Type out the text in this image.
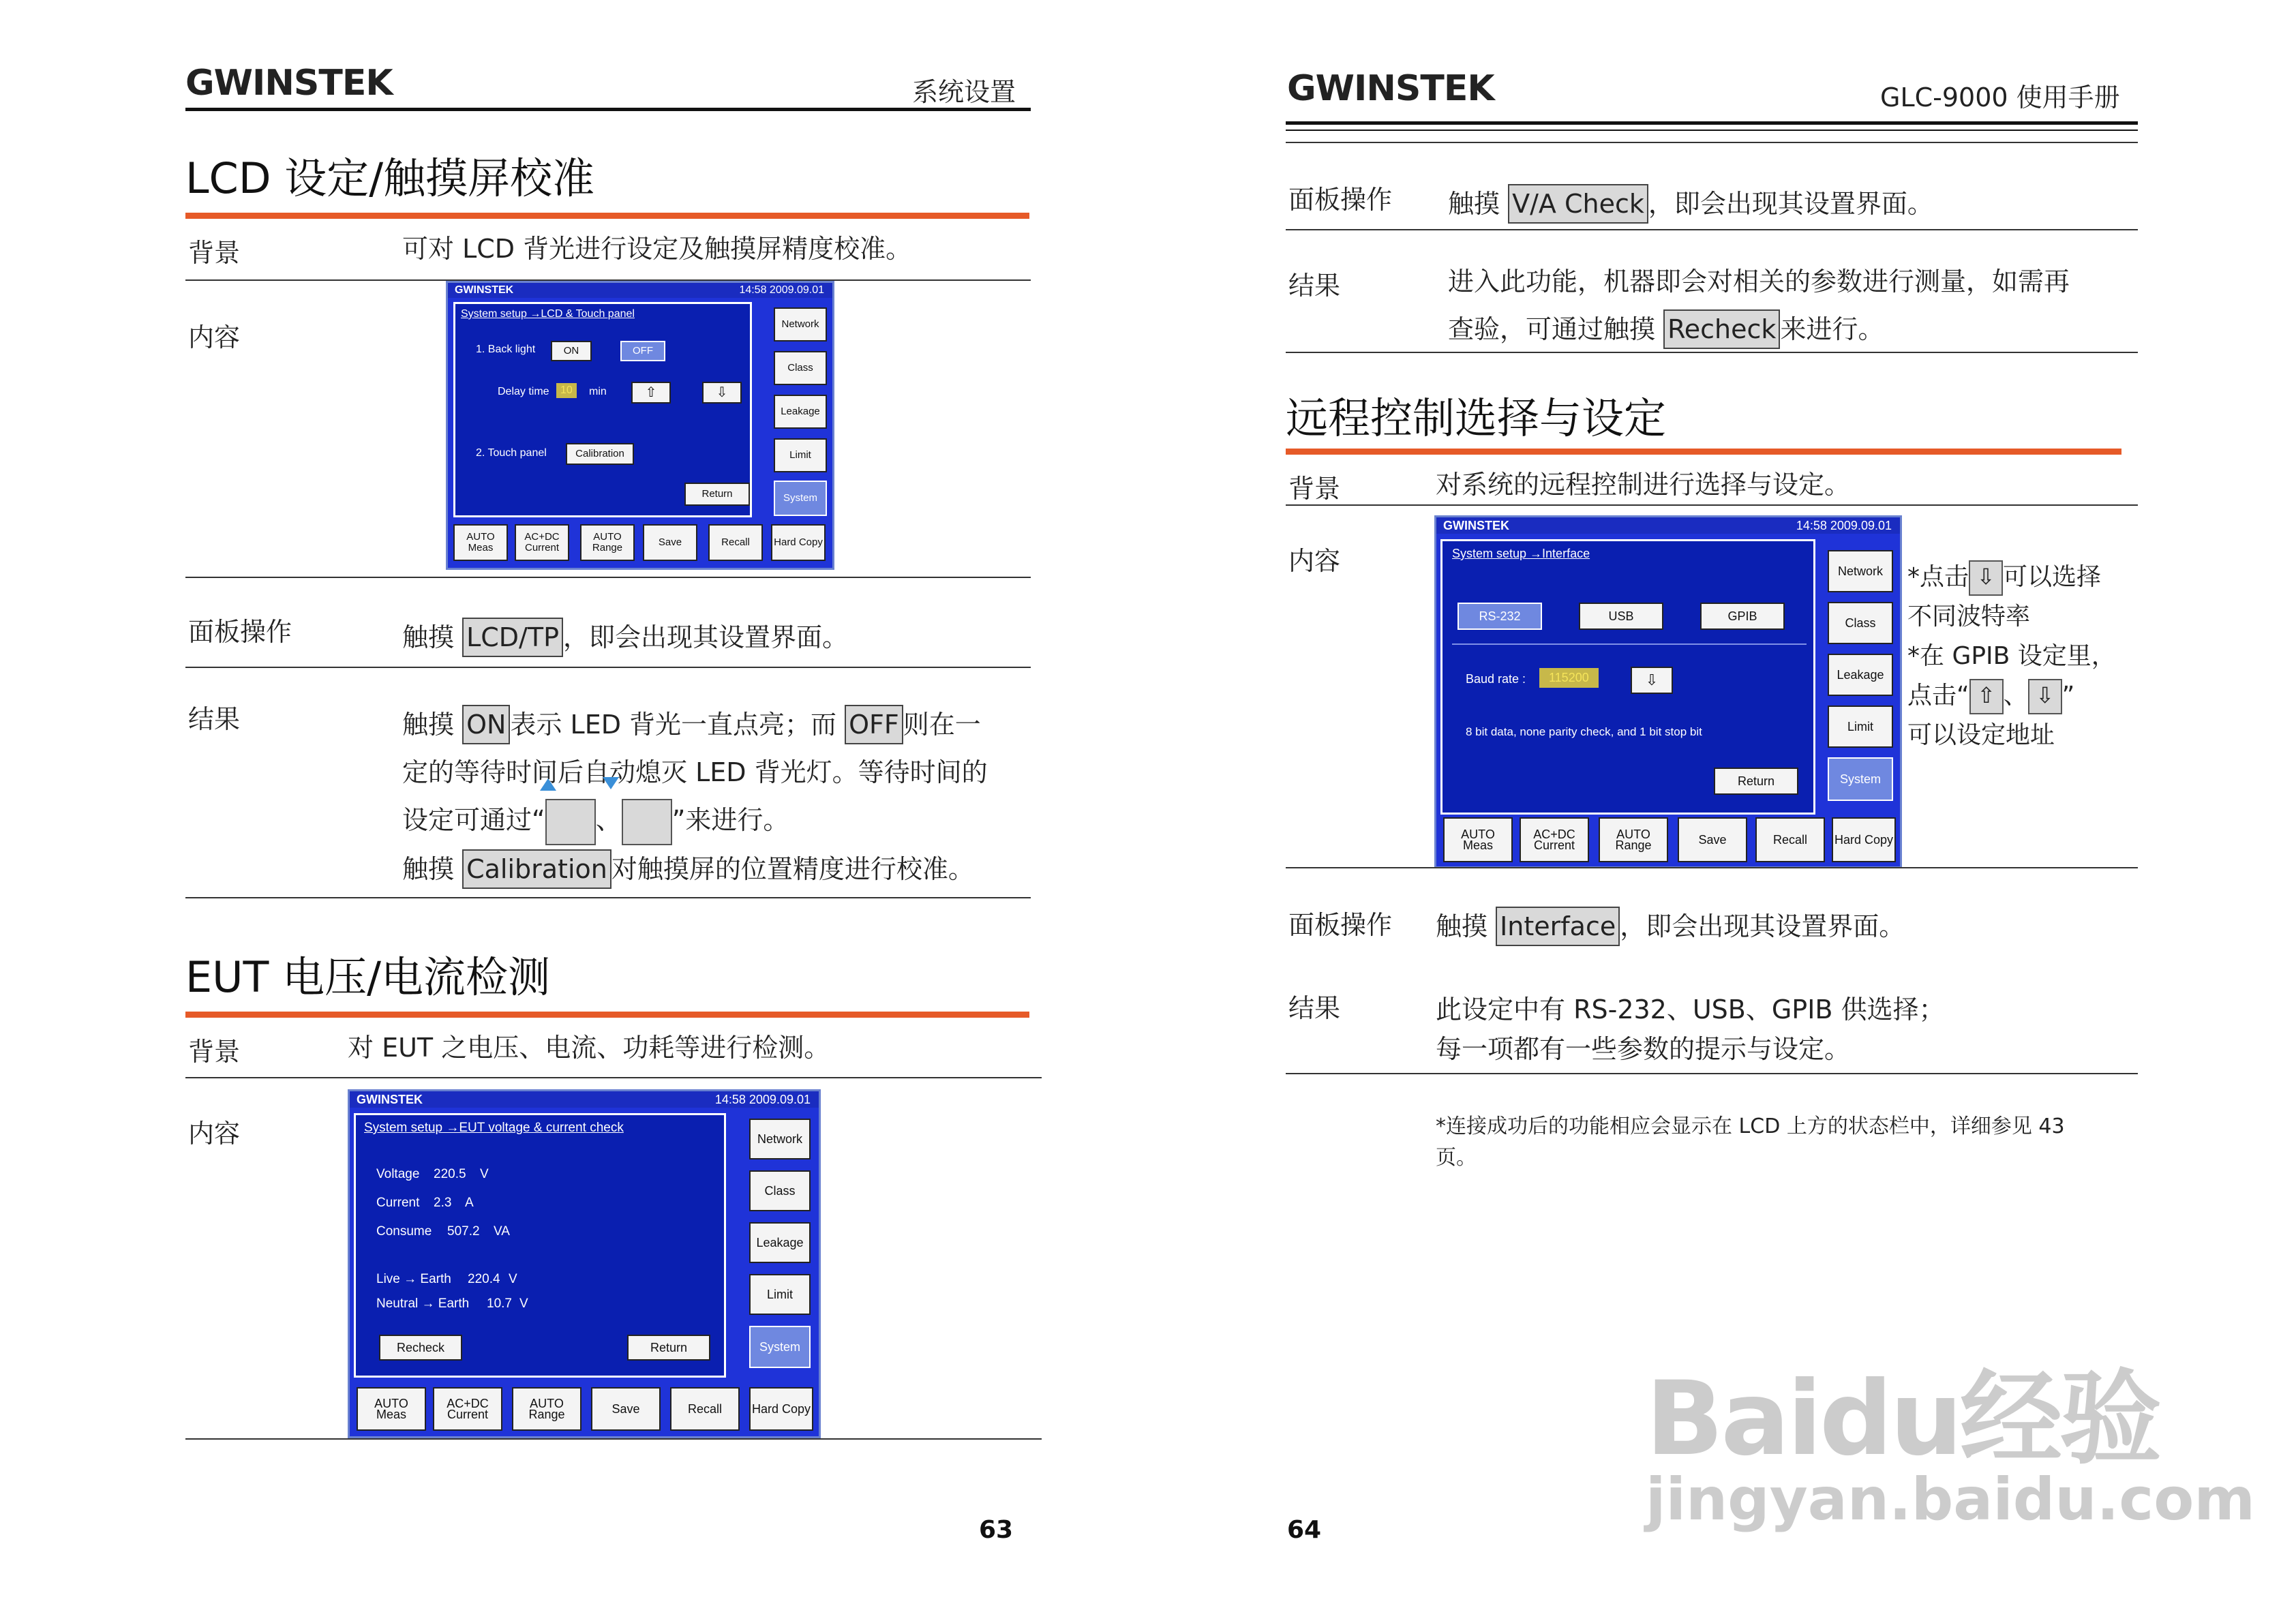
GWINSTEK	系统设置
LCD 设定/触摸屏校准
背景	可对 LCD 背光进行设定及触摸屏精度校准。
内容
GWINSTEK	14:58 2009.09.01
System setup →LCD & Touch panel
1. Back light	ON	OFF
Delay time	10	min	⇧	⇩
2. Touch panel	Calibration
Return
Network
Class
Leakage
Limit
System
AUTO Meas
AC+DC Current
AUTO Range	Save	Recall	Hard Copy
面板操作	触摸 LCD/TP ，即会出现其设置界面。
结果	触摸 ON 表示 LED 背光一直点亮；而 OFF 则在一
定的等待时间后自动熄灭 LED 背光灯。等待时间的
设定可通过“ 、 ”来进行。
触摸 Calibration 对触摸屏的位置精度进行校准。
EUT 电压/电流检测
背景	对 EUT 之电压、电流、功耗等进行检测。
内容
GWINSTEK	14:58 2009.09.01
System setup →EUT voltage & current check
Voltage 220.5 V
Current 2.3 A
Consume 507.2 VA
Live → Earth 220.4 V
Neutral → Earth 10.7 V
Recheck	Return
Network
Class
Leakage
Limit
System
AUTO Meas
AC+DC Current
AUTO Range	Save	Recall	Hard Copy
63
GWINSTEK	GLC-9000 使用手册
面板操作 触摸 V/A Check ，即会出现其设置界面。
结果	进入此功能，机器即会对相关的参数进行测量，如需再
查验，可通过触摸 Recheck 来进行。
远程控制选择与设定
背景	对系统的远程控制进行选择与设定。
内容
GWINSTEK	14:58 2009.09.01
System setup →Interface
RS-232	USB	GPIB
Baud rate :	115200	⇩
8 bit data, none parity check, and 1 bit stop bit
Return
Network
Class
Leakage
Limit
System
AUTO Meas
AC+DC Current
AUTO Range	Save	Recall	Hard Copy
*点击 ⇩ 可以选择
不同波特率
*在 GPIB 设定里，
点击“ ⇧ 、 ⇩ ”
可以设定地址
面板操作 触摸 Interface ，即会出现其设置界面。
结果	此设定中有 RS-232、USB、GPIB 供选择；
每一项都有一些参数的提示与设定。
*连接成功后的功能相应会显示在 LCD 上方的状态栏中，详细参见 43
页。
64
Baidu经验
jingyan.baidu.com
